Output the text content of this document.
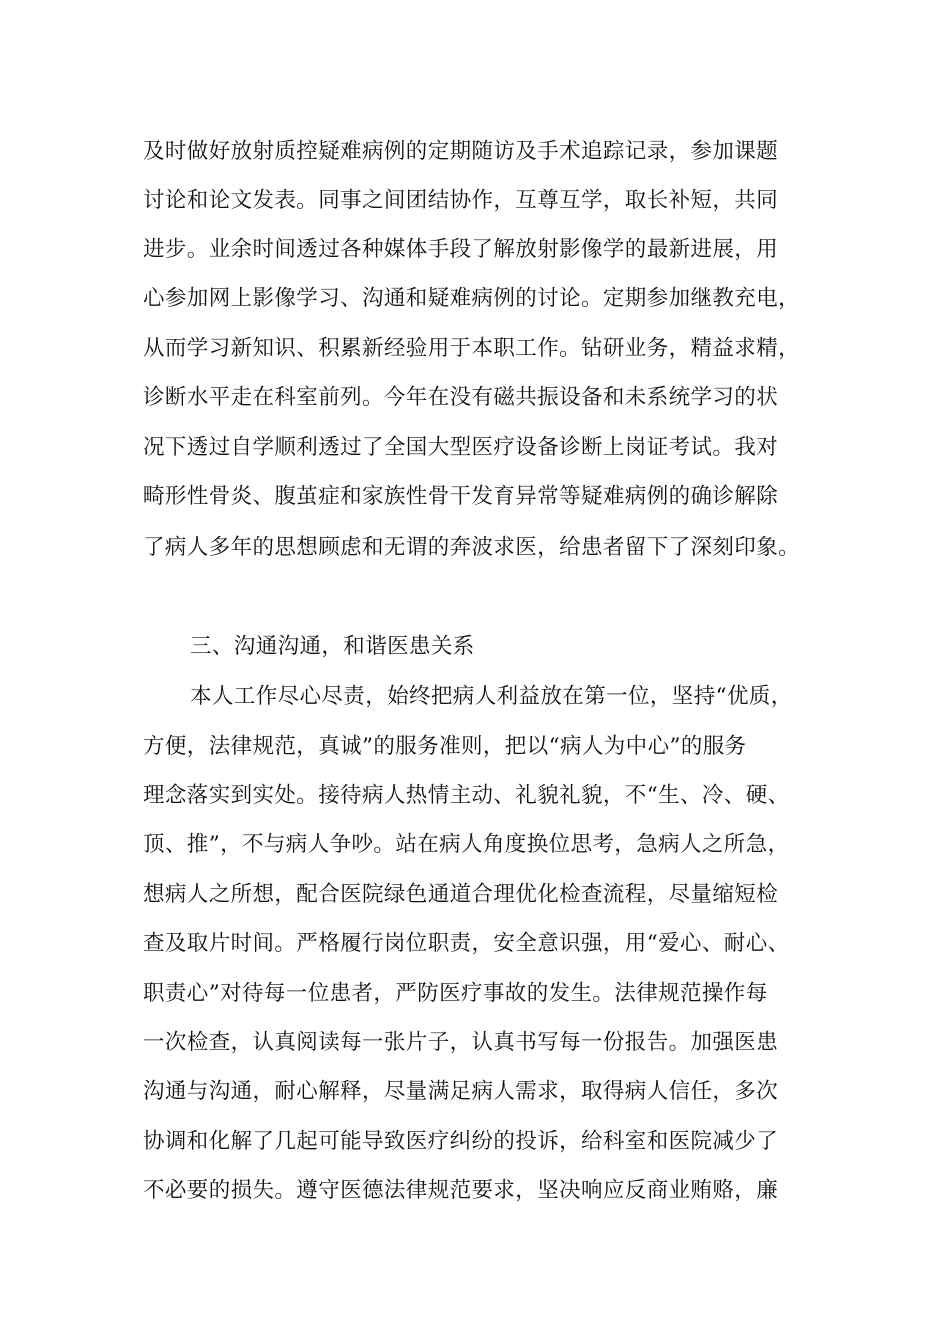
及时做好放射质控疑难病例的定期随访及手术追踪记录，参加课题
讨论和论文发表。同事之间团结协作，互尊互学，取长补短，共同
进步。业余时间透过各种媒体手段了解放射影像学的最新进展，用
心参加网上影像学习、沟通和疑难病例的讨论。定期参加继教充电，
从而学习新知识、积累新经验用于本职工作。钻研业务，精益求精，
诊断水平走在科室前列。今年在没有磁共振设备和未系统学习的状
况下透过自学顺利透过了全国大型医疗设备诊断上岗证考试。我对
畸形性骨炎、腹茧症和家族性骨干发育异常等疑难病例的确诊解除
了病人多年的思想顾虑和无谓的奔波求医，给患者留下了深刻印象。
三、沟通沟通，和谐医患关系
本人工作尽心尽责，始终把病人利益放在第一位，坚持“优质，
方便，法律规范，真诚”的服务准则，把以“病人为中心”的服务
理念落实到实处。接待病人热情主动、礼貌礼貌，不“生、冷、硬、
顶、推”，不与病人争吵。站在病人角度换位思考，急病人之所急，
想病人之所想，配合医院绿色通道合理优化检查流程，尽量缩短检
查及取片时间。严格履行岗位职责，安全意识强，用“爱心、耐心、
职责心”对待每一位患者，严防医疗事故的发生。法律规范操作每
一次检查，认真阅读每一张片子，认真书写每一份报告。加强医患
沟通与沟通，耐心解释，尽量满足病人需求，取得病人信任，多次
协调和化解了几起可能导致医疗纠纷的投诉，给科室和医院减少了
不必要的损失。遵守医德法律规范要求，坚决响应反商业贿赂，廉
